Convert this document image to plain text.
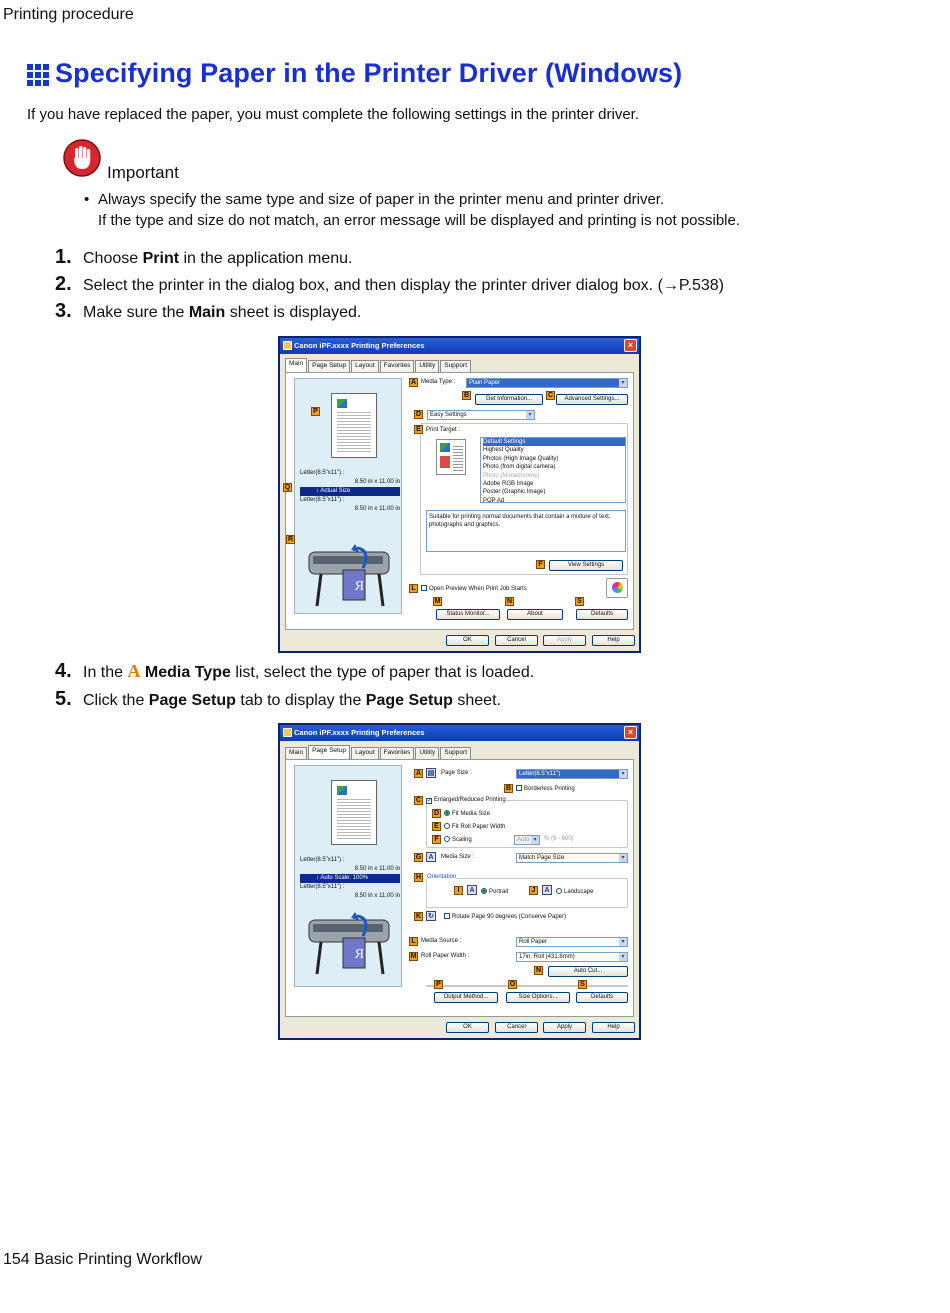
Printing procedure
Specifying Paper in the Printer Driver (Windows)

If you have replaced the paper, you must complete the following settings in the printer driver.

Important
• Always specify the same type and size of paper in the printer menu and printer driver.
If the type and size do not match, an error message will be displayed and printing is not possible.
1. Choose Print in the application menu.
2. Select the printer in the dialog box, and then display the printer driver dialog box. (→P.538)
3. Make sure the Main sheet is displayed.
Canon iPF.xxxx Printing Preferences	×
Main	Page Setup	Layout	Favorites	Utility	Support
Letter(8.5"x11") :
8.50 in x 11.00 in
↓ Actual Size
Letter(8.5"x11") :
8.50 in x 11.00 in
R
P
Q
R
A Media Type :	Plain Paper ▾
B	Get Information...	C	Advanced Settings...
D	Easy Settings ▾
E Print Target :
Default Settings
Highest Quality
Photos (High Image Quality)
Photo (from digital camera)
Photo (Monochrome)
Adobe RGB Image
Poster (Graphic Image)
POP Ad
Suitable for printing normal documents that contain a mixture of text, photographs and graphics.
F	View Settings
L	Open Preview When Print Job Starts
M	N	S
Status Monitor...	About	Defaults
OK	Cancel	Apply	Help
4. In the A Media Type list, select the type of paper that is loaded.
5. Click the Page Setup tab to display the Page Setup sheet.
Canon iPF.xxxx Printing Preferences	×
Main	Page Setup	Layout	Favorites	Utility	Support
Letter(8.5"x11") :
8.50 in x 11.00 in
↓ Auto Scale: 100%
Letter(8.5"x11") :
8.50 in x 11.00 in
R
A ▤ Page Size :	Letter(8.5"x11") ▾
B	Borderless Printing
C ✓ Enlarged/Reduced Printing
D	Fit Media Size
E	Fit Roll Paper Width
F	Scaling	Auto ▾	% (5 - 600)
G	A	Media Size :	Match Page Size ▾
H Orientation
I	A	Portrait	J	A	Landscape
K ↻	Rotate Page 90 degrees (Conserve Paper)
L Media Source :	Roll Paper ▾
M Roll Paper Width :	17in. Roll (431.8mm) ▾
N	Auto Cut...
P	O	S
Output Method...	Size Options...	Defaults
OK	Cancel	Apply	Help
154 Basic Printing Workflow
